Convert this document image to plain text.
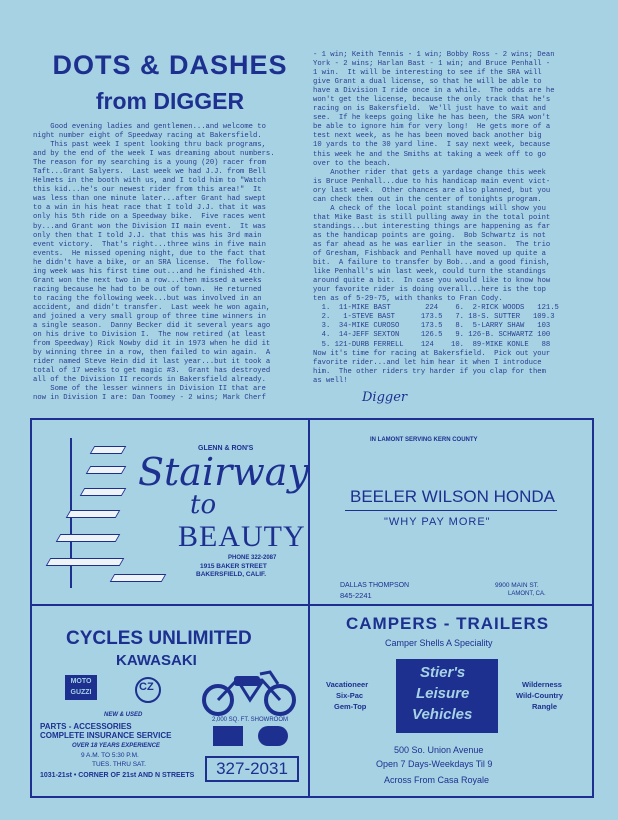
DOTS & DASHES
from DIGGER
Good evening ladies and gentlemen...and welcome to
night number eight of Speedway racing at Bakersfield.
This past week I spent looking thru back programs,
and by the end of the week I was dreaming about numbers.
The reason for my searching is a young (20) racer from
Taft...Grant Salyers.  Last week we had J.J. from Bell
Helmets in the booth with us, and I told him to "Watch
this kid...he's our newest rider from this area!"  It
was less than one minute later...after Grant had swept
to a win in his heat race that I told J.J. that it was
only his 5th ride on a Speedway bike.  Five races went
by...and Grant won the Division II main event.  It was
only then that I told J.J. that this was his 3rd main
event victory.  That's right...three wins in five main
events.  He missed opening night, due to the fact that
he didn't have a bike, or an SRA license.  The follow-
ing week was his first time out...and he finished 4th.
Grant won the next two in a row...then missed a weeks
racing because he had to be out of town.  He returned
to racing the following week...but was involved in an
accident, and didn't transfer.  Last week he won again,
and joined a very small group of three time winners in
a single season.  Danny Becker did it several years ago
on his drive to Division I.  The now retired (at least
from Speedway) Rick Nowby did it in 1973 when he did it
by winning three in a row, then failed to win again.  A
rider named Steve Hein did it last year...but it took a
total of 17 weeks to get magic #3.  Grant has destroyed
all of the Division II records in Bakersfield already.
Some of the lesser winners in Division II that are
now in Division I are: Dan Toomey - 2 wins; Mark Cherf
- 1 win; Keith Tennis - 1 win; Bobby Ross - 2 wins; Dean
York - 2 wins; Harlan Bast - 1 win; and Bruce Penhall -
1 win.  It will be interesting to see if the SRA will
give Grant a dual license, so that he will be able to
have a Division I ride once in a while.  The odds are he
won't get the license, because the only track that he's
racing on is Bakersfield.  We'll just have to wait and
see.  If he keeps going like he has been, the SRA won't
be able to ignore him for very long!  He gets more of a
test next week, as he has been moved back another big
10 yards to the 30 yard line.  I say next week, because
this week he and the Smiths at taking a week off to go
over to the beach.
Another rider that gets a yardage change this week
is Bruce Penhall...due to his handicap main event vict-
ory last week.  Other chances are also planned, but you
can check them out in the center of tonights program.
A check of the local point standings will show you
that Mike Bast is still pulling away in the total point
standings...but interesting things are happening as far
as the handicap points are going.  Bob Schwartz is not
as far ahead as he was earlier in the season.  The trio
of Gresham, Fishback and Penhall have moved up quite a
bit.  A failure to transfer by Bob...and a good finish,
like Penhall's win last week, could turn the standings
around quite a bit.  In case you would like to know how
your favorite rider is doing overall...here is the top
ten as of 5-29-75, with thanks to Fran Cody.
1.  11-MIKE BAST        224    6.  2-RICK WOODS   121.5
2.   1-STEVE BAST      173.5   7. 18-S. SUTTER   109.3
3.  34-MIKE CUROSO     173.5   8.  5-LARRY SHAW   103
4.  14-JEFF SEXTON     126.5   9. 126-B. SCHWARTZ 100
5. 121-DURB FERRELL    124    10.  89-MIKE KONLE   88
Now it's time for racing at Bakersfield.  Pick out your
favorite rider...and let him hear it when I introduce
him.  The other riders try harder if you clap for them
as well!
Digger
GLENN & RON'S
Stairway
to
BEAUTY
PHONE 322-2087
1915 BAKER STREET
BAKERSFIELD, CALIF.
IN LAMONT SERVING KERN COUNTY
BEELER WILSON HONDA
"WHY PAY MORE"
DALLAS THOMPSON
845-2241
9900 MAIN ST.
LAMONT, CA.
CYCLES UNLIMITED
KAWASAKI
MOTO GUZZI	CZ
NEW & USED
PARTS - ACCESSORIES
COMPLETE INSURANCE SERVICE
OVER 18 YEARS EXPERIENCE
2,000 SQ. FT. SHOWROOM
9 A.M. TO 5:30 P.M.
TUES. THRU SAT.
1031-21st • CORNER OF 21st AND N STREETS	327-2031
CAMPERS - TRAILERS
Camper Shells A Speciality
Vacationeer
Six-Pac
Gem-Top
Stier's
Leisure
Vehicles
Wilderness
Wild-Country
Rangle
500 So. Union Avenue
Open 7 Days-Weekdays Til 9
Across From Casa Royale
